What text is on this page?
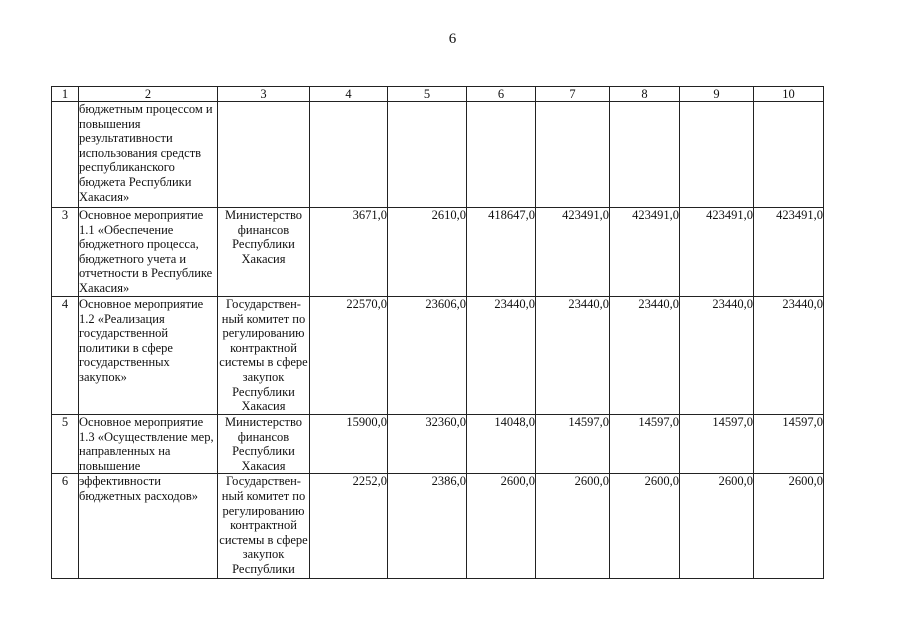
6
1	2	3	4	5	6	7	8	9	10
	бюджетным процессом и повышения результативности использования средств республиканского бюджета Республики Хакасия»								
3	Основное мероприятие 1.1 «Обеспечение бюджетного процесса, бюджетного учета и отчетности в Республике Хакасия»	Министерство финансов Республики Хакасия	3671,0	2610,0	418647,0	423491,0	423491,0	423491,0	423491,0
4	Основное мероприятие 1.2 «Реализация государственной политики в сфере государственных закупок»	Государствен-ный комитет по регулированию контрактной системы в сфере закупок Республики Хакасия	22570,0	23606,0	23440,0	23440,0	23440,0	23440,0	23440,0
5	Основное мероприятие 1.3 «Осуществление мер, направленных на повышение	Министерство финансов Республики Хакасия	15900,0	32360,0	14048,0	14597,0	14597,0	14597,0	14597,0
6	эффективности бюджетных расходов»	Государствен-ный комитет по регулированию контрактной системы в сфере закупок Республики	2252,0	2386,0	2600,0	2600,0	2600,0	2600,0	2600,0
